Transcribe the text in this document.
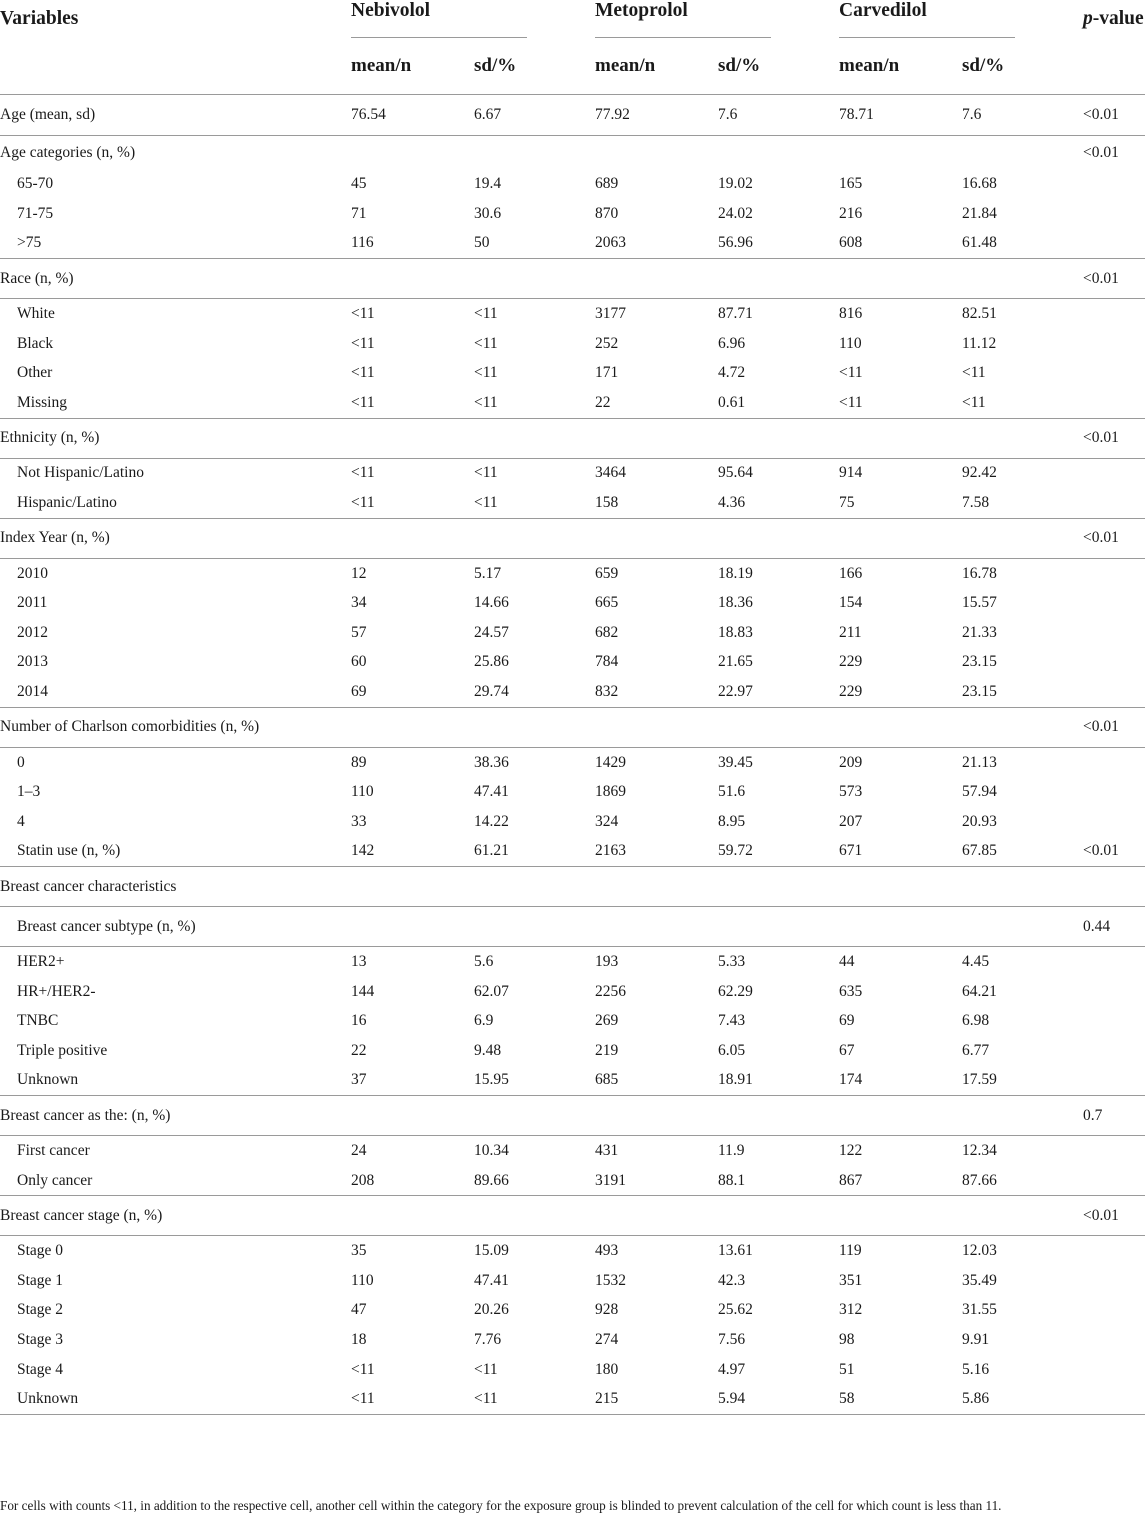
Variables	Nebivolol		Metoprolol		Carvedilol		p-value
	mean/n	sd/%	mean/n	sd/%	mean/n	sd/%	
Age (mean, sd)	76.54	6.67	77.92	7.6	78.71	7.6	<0.01
Age categories (n, %)							<0.01
65-70	45	19.4	689	19.02	165	16.68	
71-75	71	30.6	870	24.02	216	21.84	
>75	116	50	2063	56.96	608	61.48	
Race (n, %)							<0.01
White	<11	<11	3177	87.71	816	82.51	
Black	<11	<11	252	6.96	110	11.12	
Other	<11	<11	171	4.72	<11	<11	
Missing	<11	<11	22	0.61	<11	<11	
Ethnicity (n, %)							<0.01
Not Hispanic/Latino	<11	<11	3464	95.64	914	92.42	
Hispanic/Latino	<11	<11	158	4.36	75	7.58	
Index Year (n, %)							<0.01
2010	12	5.17	659	18.19	166	16.78	
2011	34	14.66	665	18.36	154	15.57	
2012	57	24.57	682	18.83	211	21.33	
2013	60	25.86	784	21.65	229	23.15	
2014	69	29.74	832	22.97	229	23.15	
Number of Charlson comorbidities (n, %)							<0.01
0	89	38.36	1429	39.45	209	21.13	
1–3	110	47.41	1869	51.6	573	57.94	
4	33	14.22	324	8.95	207	20.93	
Statin use (n, %)	142	61.21	2163	59.72	671	67.85	<0.01
Breast cancer characteristics							
Breast cancer subtype (n, %)							0.44
HER2+	13	5.6	193	5.33	44	4.45	
HR+/HER2-	144	62.07	2256	62.29	635	64.21	
TNBC	16	6.9	269	7.43	69	6.98	
Triple positive	22	9.48	219	6.05	67	6.77	
Unknown	37	15.95	685	18.91	174	17.59	
Breast cancer as the: (n, %)							0.7
First cancer	24	10.34	431	11.9	122	12.34	
Only cancer	208	89.66	3191	88.1	867	87.66	
Breast cancer stage (n, %)							<0.01
Stage 0	35	15.09	493	13.61	119	12.03	
Stage 1	110	47.41	1532	42.3	351	35.49	
Stage 2	47	20.26	928	25.62	312	31.55	
Stage 3	18	7.76	274	7.56	98	9.91	
Stage 4	<11	<11	180	4.97	51	5.16	
Unknown	<11	<11	215	5.94	58	5.86	
For cells with counts <11, in addition to the respective cell, another cell within the category for the exposure group is blinded to prevent calculation of the cell for which count is less than 11.
